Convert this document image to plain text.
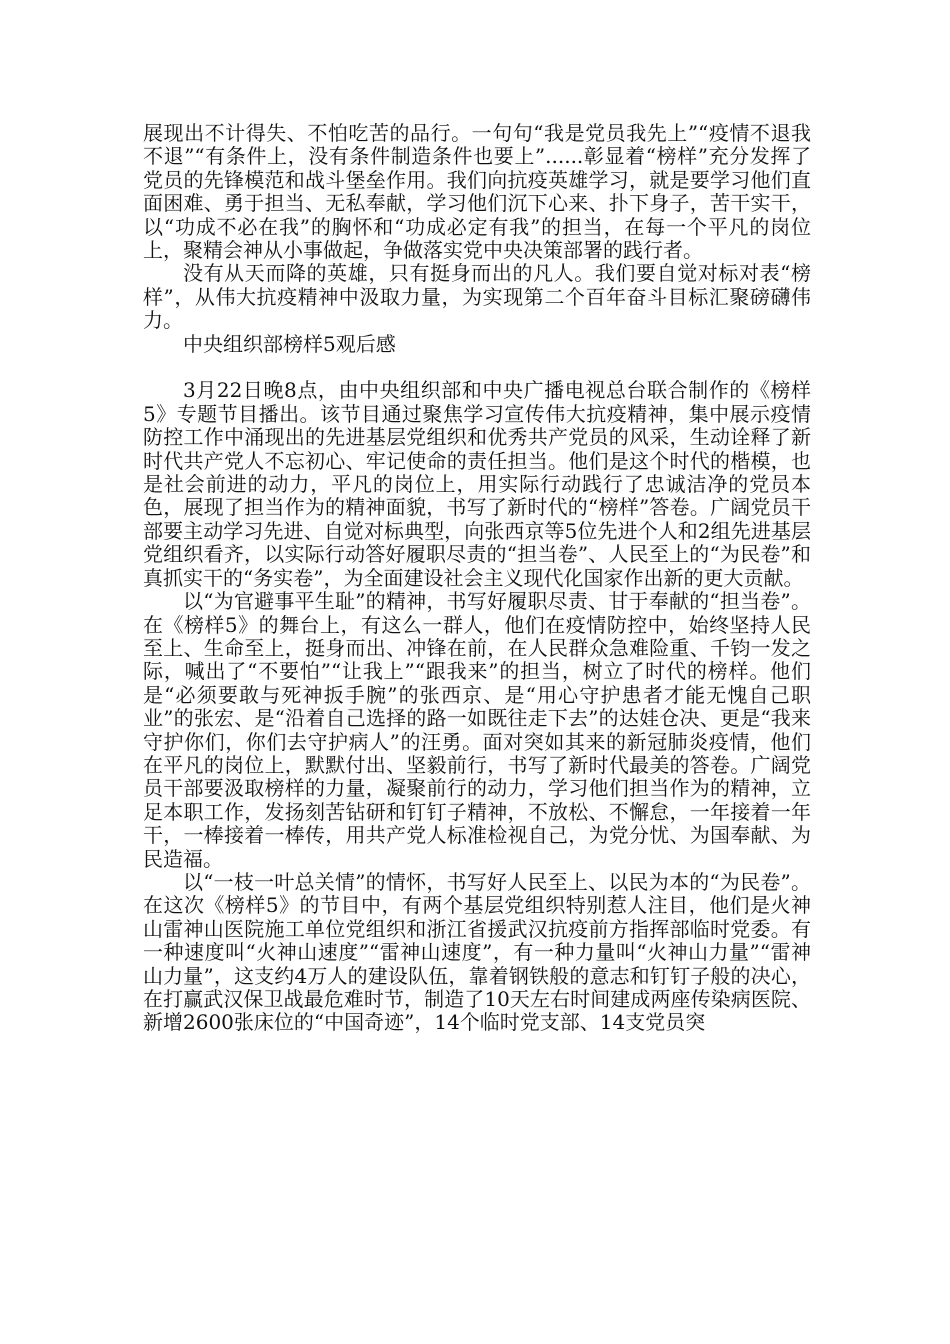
展现出不计得失、不怕吃苦的品行。一句句“我是党员我先上”“疫情不退我不退”“有条件上，没有条件制造条件也要上”......彰显着“榜样”充分发挥了党员的先锋模范和战斗堡垒作用。我们向抗疫英雄学习，就是要学习他们直面困难、勇于担当、无私奉献，学习他们沉下心来、扑下身子，苦干实干，以“功成不必在我”的胸怀和“功成必定有我”的担当，在每一个平凡的岗位上，聚精会神从小事做起，争做落实党中央决策部署的践行者。

没有从天而降的英雄，只有挺身而出的凡人。我们要自觉对标对表“榜样”，从伟大抗疫精神中汲取力量，为实现第二个百年奋斗目标汇聚磅礴伟力。

中央组织部榜样5观后感

3月22日晚8点，由中央组织部和中央广播电视总台联合制作的《榜样5》专题节目播出。该节目通过聚焦学习宣传伟大抗疫精神，集中展示疫情防控工作中涌现出的先进基层党组织和优秀共产党员的风采，生动诠释了新时代共产党人不忘初心、牢记使命的责任担当。他们是这个时代的楷模，也是社会前进的动力，平凡的岗位上，用实际行动践行了忠诚洁净的党员本色，展现了担当作为的精神面貌，书写了新时代的“榜样”答卷。广阔党员干部要主动学习先进、自觉对标典型，向张西京等5位先进个人和2组先进基层党组织看齐，以实际行动答好履职尽责的“担当卷”、人民至上的“为民卷”和真抓实干的“务实卷”，为全面建设社会主义现代化国家作出新的更大贡献。

以“为官避事平生耻”的精神，书写好履职尽责、甘于奉献的“担当卷”。在《榜样5》的舞台上，有这么一群人，他们在疫情防控中，始终坚持人民至上、生命至上，挺身而出、冲锋在前，在人民群众急难险重、千钧一发之际，喊出了“不要怕”“让我上”“跟我来”的担当，树立了时代的榜样。他们是“必须要敢与死神扳手腕”的张西京、是“用心守护患者才能无愧自己职业”的张宏、是“沿着自己选择的路一如既往走下去”的达娃仓决、更是“我来守护你们，你们去守护病人”的汪勇。面对突如其来的新冠肺炎疫情，他们在平凡的岗位上，默默付出、坚毅前行，书写了新时代最美的答卷。广阔党员干部要汲取榜样的力量，凝聚前行的动力，学习他们担当作为的精神，立足本职工作，发扬刻苦钻研和钉钉子精神，不放松、不懈怠，一年接着一年干，一棒接着一棒传，用共产党人标准检视自己，为党分忧、为国奉献、为民造福。

以“一枝一叶总关情”的情怀，书写好人民至上、以民为本的“为民卷”。在这次《榜样5》的节目中，有两个基层党组织特别惹人注目，他们是火神山雷神山医院施工单位党组织和浙江省援武汉抗疫前方指挥部临时党委。有一种速度叫“火神山速度”“雷神山速度”，有一种力量叫“火神山力量”“雷神山力量”，这支约4万人的建设队伍，靠着钢铁般的意志和钉钉子般的决心，在打赢武汉保卫战最危难时节，制造了10天左右时间建成两座传染病医院、新增2600张床位的“中国奇迹”，14个临时党支部、14支党员突
